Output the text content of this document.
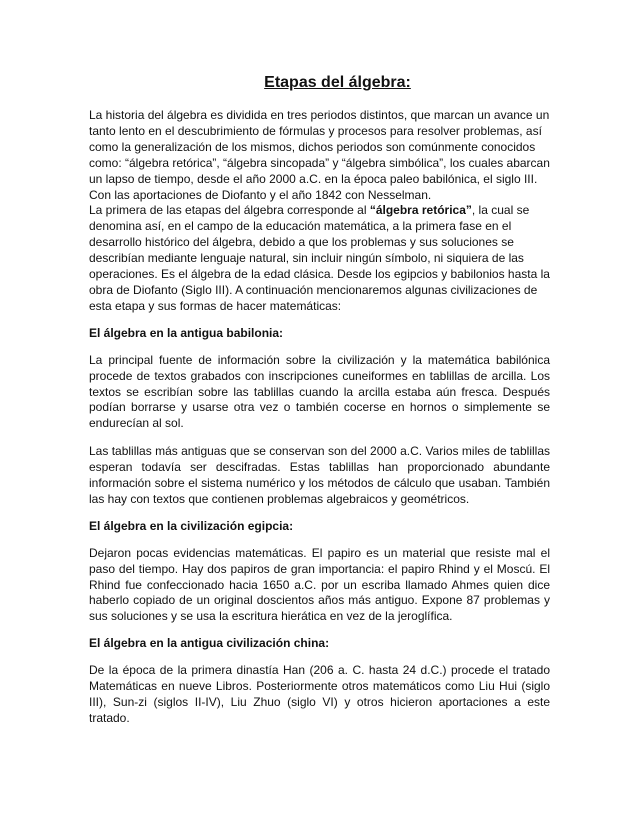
Etapas del álgebra:

La historia del álgebra es dividida en tres periodos distintos, que marcan un avance un tanto lento en el descubrimiento de fórmulas y procesos para resolver problemas, así como la generalización de los mismos, dichos periodos son comúnmente conocidos como: “álgebra retórica”, “álgebra sincopada” y “álgebra simbólica”, los cuales abarcan un lapso de tiempo, desde el año 2000 a.C. en la época paleo babilónica, el siglo III. Con las aportaciones de Diofanto y el año 1842 con Nesselman.

La primera de las etapas del álgebra corresponde al “álgebra retórica”, la cual se denomina así, en el campo de la educación matemática, a la primera fase en el desarrollo histórico del álgebra, debido a que los problemas y sus soluciones se describían mediante lenguaje natural, sin incluir ningún símbolo, ni siquiera de las operaciones. Es el álgebra de la edad clásica. Desde los egipcios y babilonios hasta la obra de Diofanto (Siglo III). A continuación mencionaremos algunas civilizaciones de esta etapa y sus formas de hacer matemáticas:

El álgebra en la antigua babilonia:

La principal fuente de información sobre la civilización y la matemática babilónica procede de textos grabados con inscripciones cuneiformes en tablillas de arcilla. Los textos se escribían sobre las tablillas cuando la arcilla estaba aún fresca. Después podían borrarse y usarse otra vez o también cocerse en hornos o simplemente se endurecían al sol.

Las tablillas más antiguas que se conservan son del 2000 a.C. Varios miles de tablillas esperan todavía ser descifradas. Estas tablillas han proporcionado abundante información sobre el sistema numérico y los métodos de cálculo que usaban. También las hay con textos que contienen problemas algebraicos y geométricos.

El álgebra en la civilización egipcia:

Dejaron pocas evidencias matemáticas. El papiro es un material que resiste mal el paso del tiempo. Hay dos papiros de gran importancia: el papiro Rhind y el Moscú. El Rhind fue confeccionado hacia 1650 a.C. por un escriba llamado Ahmes quien dice haberlo copiado de un original doscientos años más antiguo. Expone 87 problemas y sus soluciones y se usa la escritura hierática en vez de la jeroglífica.

El álgebra en la antigua civilización china:

De la época de la primera dinastía Han (206 a. C. hasta 24 d.C.) procede el tratado Matemáticas en nueve Libros. Posteriormente otros matemáticos como Liu Hui (siglo III), Sun-zi (siglos II-IV), Liu Zhuo (siglo VI) y otros hicieron aportaciones a este tratado.
